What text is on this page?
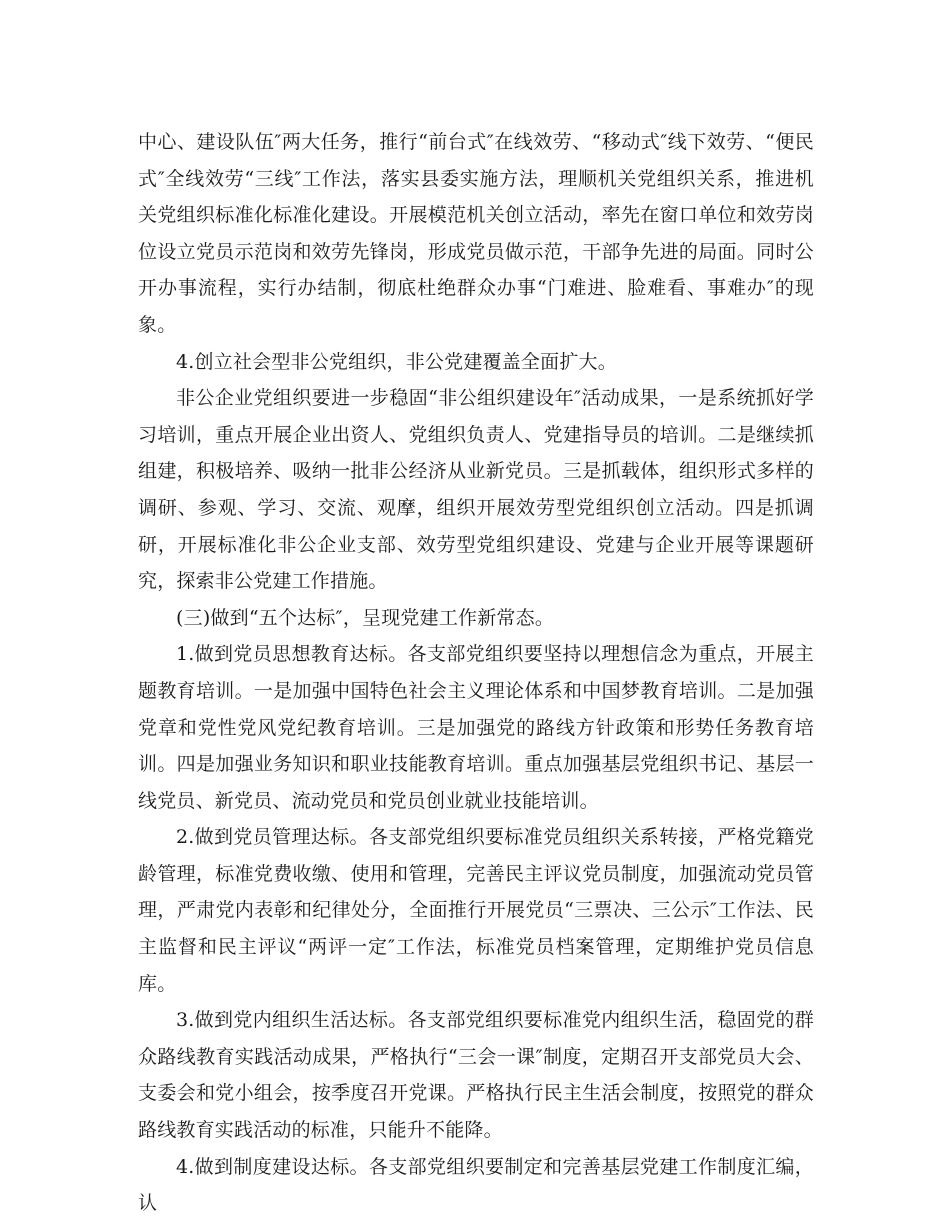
中心、建设队伍″两大任务，推行“前台式″在线效劳、“移动式″线下效劳、“便民式″全线效劳“三线″工作法，落实县委实施方法，理顺机关党组织关系，推进机关党组织标准化标准化建设。开展模范机关创立活动，率先在窗口单位和效劳岗位设立党员示范岗和效劳先锋岗，形成党员做示范，干部争先进的局面。同时公开办事流程，实行办结制，彻底杜绝群众办事“门难进、脸难看、事难办″的现象。

4.创立社会型非公党组织，非公党建覆盖全面扩大。

非公企业党组织要进一步稳固“非公组织建设年″活动成果，一是系统抓好学习培训，重点开展企业出资人、党组织负责人、党建指导员的培训。二是继续抓组建，积极培养、吸纳一批非公经济从业新党员。三是抓载体，组织形式多样的调研、参观、学习、交流、观摩，组织开展效劳型党组织创立活动。四是抓调研，开展标准化非公企业支部、效劳型党组织建设、党建与企业开展等课题研究，探索非公党建工作措施。

(三)做到“五个达标″，呈现党建工作新常态。

1.做到党员思想教育达标。各支部党组织要坚持以理想信念为重点，开展主题教育培训。一是加强中国特色社会主义理论体系和中国梦教育培训。二是加强党章和党性党风党纪教育培训。三是加强党的路线方针政策和形势任务教育培训。四是加强业务知识和职业技能教育培训。重点加强基层党组织书记、基层一线党员、新党员、流动党员和党员创业就业技能培训。

2.做到党员管理达标。各支部党组织要标准党员组织关系转接，严格党籍党龄管理，标准党费收缴、使用和管理，完善民主评议党员制度，加强流动党员管理，严肃党内表彰和纪律处分，全面推行开展党员“三票决、三公示″工作法、民主监督和民主评议“两评一定″工作法，标准党员档案管理，定期维护党员信息库。

3.做到党内组织生活达标。各支部党组织要标准党内组织生活，稳固党的群众路线教育实践活动成果，严格执行“三会一课″制度，定期召开支部党员大会、支委会和党小组会，按季度召开党课。严格执行民主生活会制度，按照党的群众路线教育实践活动的标准，只能升不能降。

4.做到制度建设达标。各支部党组织要制定和完善基层党建工作制度汇编，认
